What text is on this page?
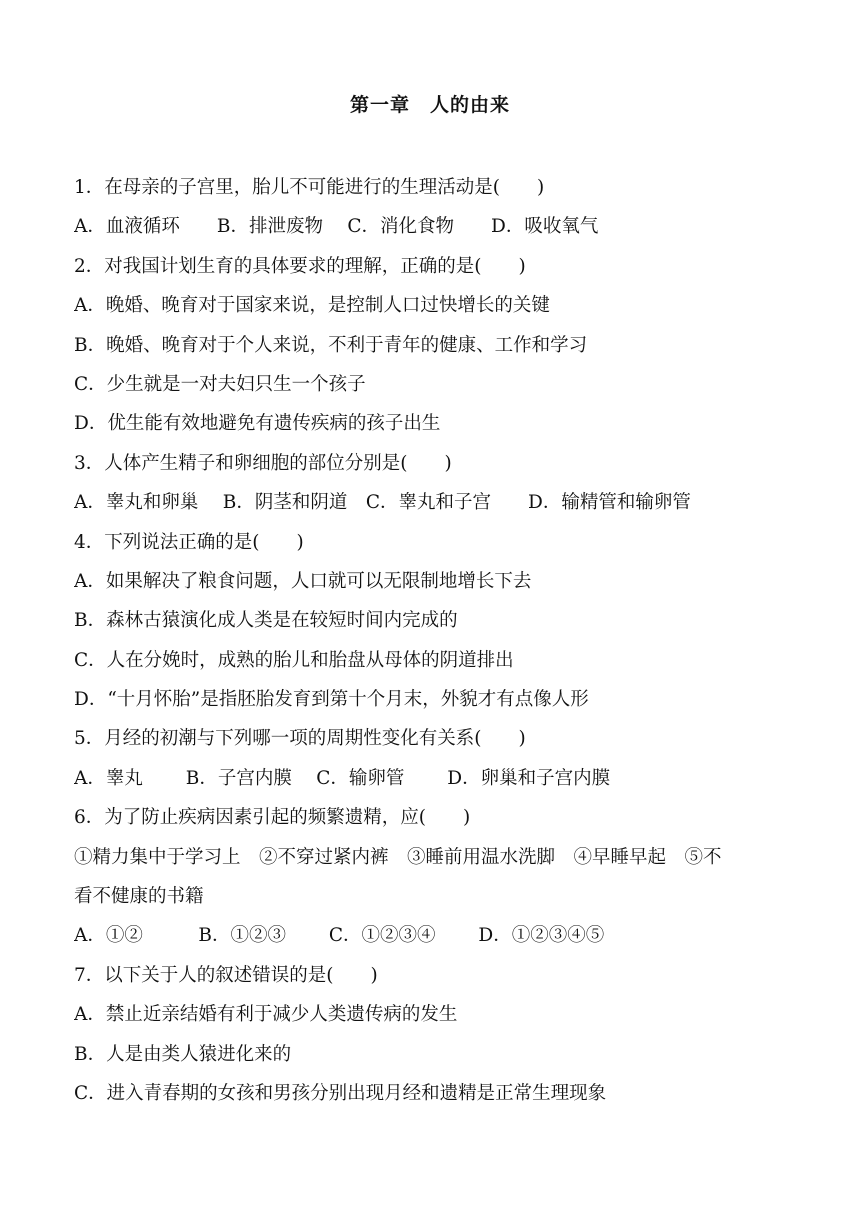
第一章　人的由来
1．在母亲的子宫里，胎儿不可能进行的生理活动是(　　)
A．血液循环　　B．排泄废物　 C．消化食物　　D．吸收氧气
2．对我国计划生育的具体要求的理解，正确的是(　　)
A．晚婚、晚育对于国家来说，是控制人口过快增长的关键
B．晚婚、晚育对于个人来说，不利于青年的健康、工作和学习
C．少生就是一对夫妇只生一个孩子
D．优生能有效地避免有遗传疾病的孩子出生
3．人体产生精子和卵细胞的部位分别是(　　)
A．睾丸和卵巢　 B．阴茎和阴道　C．睾丸和子宫　　D．输精管和输卵管
4．下列说法正确的是(　　)
A．如果解决了粮食问题，人口就可以无限制地增长下去
B．森林古猿演化成人类是在较短时间内完成的
C．人在分娩时，成熟的胎儿和胎盘从母体的阴道排出
D．“十月怀胎”是指胚胎发育到第十个月末，外貌才有点像人形
5．月经的初潮与下列哪一项的周期性变化有关系(　　)
A．睾丸　　 B．子宫内膜　 C．输卵管　　 D．卵巢和子宫内膜
6．为了防止疾病因素引起的频繁遗精，应(　　)
①精力集中于学习上　②不穿过紧内裤　③睡前用温水洗脚　④早睡早起　⑤不
看不健康的书籍
A．①②　　　B．①②③　　 C．①②③④　　 D．①②③④⑤
7．以下关于人的叙述错误的是(　　)
A．禁止近亲结婚有利于减少人类遗传病的发生
B．人是由类人猿进化来的
C．进入青春期的女孩和男孩分别出现月经和遗精是正常生理现象
